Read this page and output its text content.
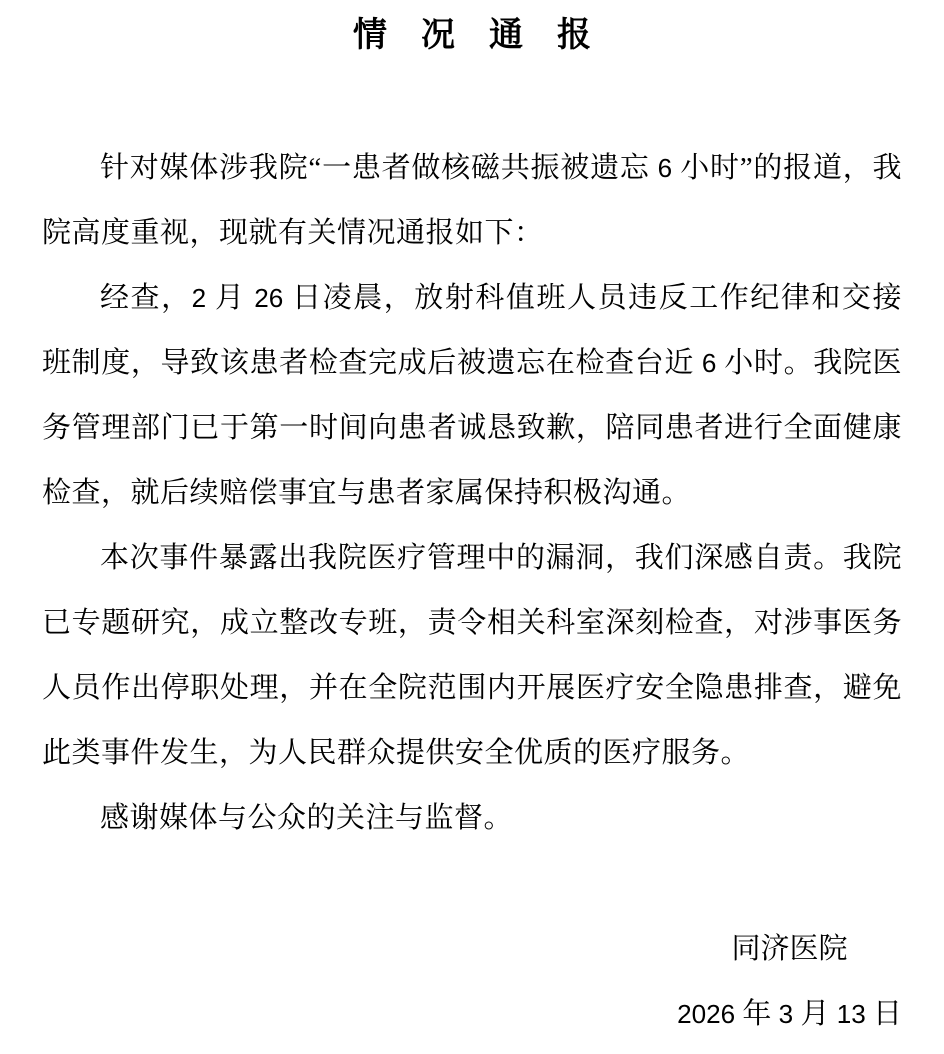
情　况　通　报

针对媒体涉我院“一患者做核磁共振被遗忘 6 小时”的报道，我院高度重视，现就有关情况通报如下：

经查，2 月 26 日凌晨，放射科值班人员违反工作纪律和交接班制度，导致该患者检查完成后被遗忘在检查台近 6 小时。我院医务管理部门已于第一时间向患者诚恳致歉，陪同患者进行全面健康检查，就后续赔偿事宜与患者家属保持积极沟通。

本次事件暴露出我院医疗管理中的漏洞，我们深感自责。我院已专题研究，成立整改专班，责令相关科室深刻检查，对涉事医务人员作出停职处理，并在全院范围内开展医疗安全隐患排查，避免此类事件发生，为人民群众提供安全优质的医疗服务。

感谢媒体与公众的关注与监督。

同济医院
2026 年 3 月 13 日
